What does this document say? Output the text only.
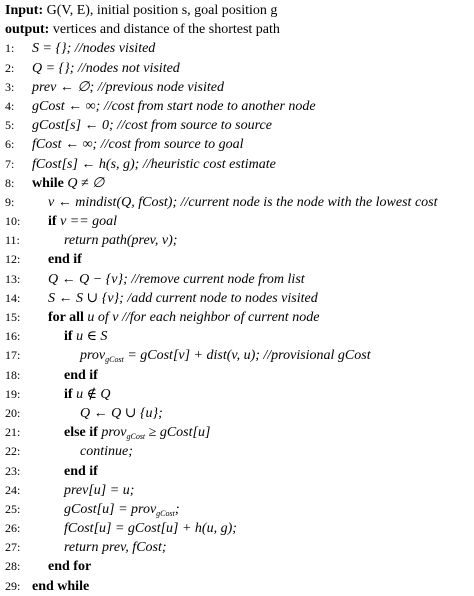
Input: G(V, E), initial position s, goal position g
output: vertices and distance of the shortest path
1:	S = {}; //nodes visited
2:	Q = {}; //nodes not visited
3:	prev ← ∅; //previous node visited
4:	gCost ← ∞; //cost from start node to another node
5:	gCost[s] ← 0; //cost from source to source
6:	fCost ← ∞; //cost from source to goal
7:	fCost[s] ← h(s, g); //heuristic cost estimate
8:	while Q ≠ ∅
9:	v ← mindist(Q, fCost); //current node is the node with the lowest cost
10:	if v == goal
11:	return path(prev, v);
12:	end if
13:	Q ← Q − {v}; //remove current node from list
14:	S ← S ∪ {v}; /add current node to nodes visited
15:	for all u of v //for each neighbor of current node
16:	if u ∈ S
17:	prov$_{gCost}$ = gCost[v] + dist(v, u); //provisional gCost
18:	end if
19:	if u ∉ Q
20:	Q ← Q ∪ {u};
21:	else if prov$_{gCost}$ ≥ gCost[u]
22:	continue;
23:	end if
24:	prev[u] = u;
25:	gCost[u] = prov$_{gCost}$;
26:	fCost[u] = gCost[u] + h(u, g);
27:	return prev, fCost;
28:	end for
29: end while
